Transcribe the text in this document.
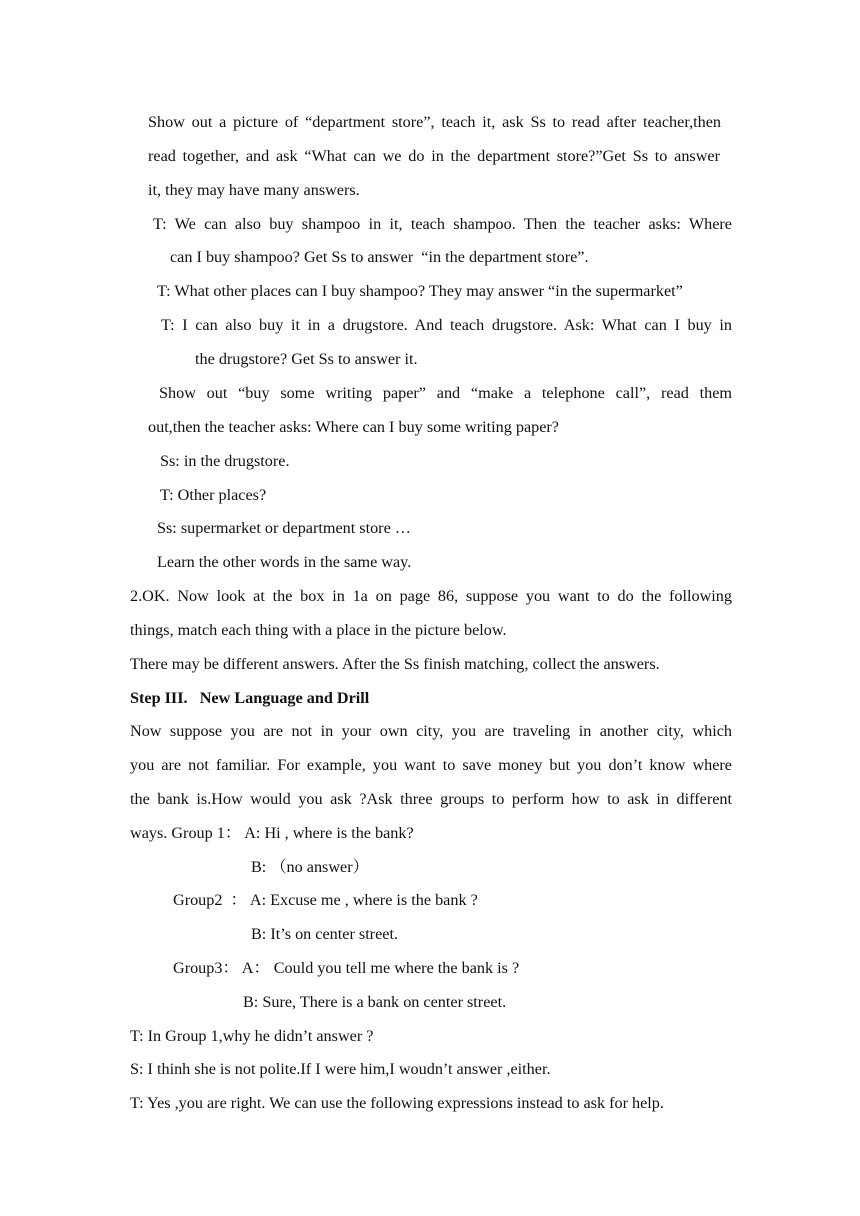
Show out a picture of “department store”, teach it, ask Ss to read after teacher,then
read together, and ask “What can we do in the department store?”Get Ss to answer
it, they may have many answers.
T: We can also buy shampoo in it, teach shampoo. Then the teacher asks: Where
can I buy shampoo? Get Ss to answer  “in the department store”.
T: What other places can I buy shampoo? They may answer “in the supermarket”
T: I can also buy it in a drugstore. And teach drugstore. Ask: What can I buy in
the drugstore? Get Ss to answer it.
Show out “buy some writing paper” and “make a telephone call”, read them
out,then the teacher asks: Where can I buy some writing paper?
Ss: in the drugstore.
T: Other places?
Ss: supermarket or department store …
Learn the other words in the same way.
2.OK. Now look at the box in 1a on page 86, suppose you want to do the following
things, match each thing with a place in the picture below.
There may be different answers. After the Ss finish matching, collect the answers.
Step III.   New Language and Drill
Now suppose you are not in your own city, you are traveling in another city, which
you are not familiar. For example, you want to save money but you don’t know where
the bank is.How would you ask ?Ask three groups to perform how to ask in different
ways. Group 1： A: Hi , where is the bank?
B: （no answer）
Group2  ： A: Excuse me , where is the bank ?
B: It’s on center street.
Group3： A： Could you tell me where the bank is ?
B: Sure, There is a bank on center street.
T: In Group 1,why he didn’t answer ?
S: I thinh she is not polite.If I were him,I woudn’t answer ,either.
T: Yes ,you are right. We can use the following expressions instead to ask for help.
